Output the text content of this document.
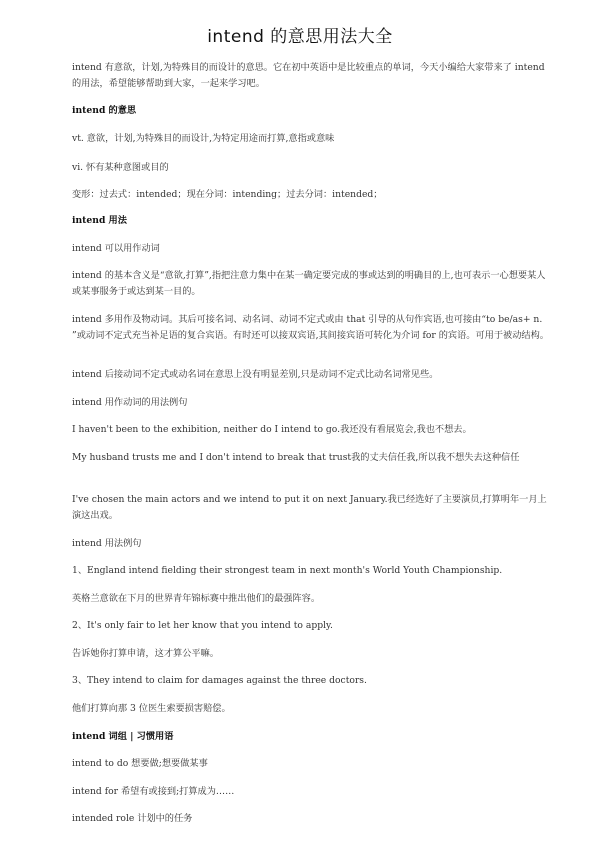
intend 的意思用法大全

intend 有意欲，计划,为特殊目的而设计的意思。它在初中英语中是比较重点的单词，今天小编给大家带来了 intend 的用法，希望能够帮助到大家，一起来学习吧。

intend 的意思

vt. 意欲，计划,为特殊目的而设计,为特定用途而打算,意指或意味

vi. 怀有某种意图或目的

变形：过去式：intended；现在分词：intending；过去分词：intended；

intend 用法

intend 可以用作动词

intend 的基本含义是“意欲,打算”,指把注意力集中在某一确定要完成的事或达到的明确目的上,也可表示一心想要某人或某事服务于或达到某一目的。

intend 多用作及物动词。其后可接名词、动名词、动词不定式或由 that 引导的从句作宾语,也可接由“to be/as+ n. ”或动词不定式充当补足语的复合宾语。有时还可以接双宾语,其间接宾语可转化为介词 for 的宾语。可用于被动结构。

intend 后接动词不定式或动名词在意思上没有明显差别,只是动词不定式比动名词常见些。

intend 用作动词的用法例句

I haven't been to the exhibition, neither do I intend to go.我还没有看展览会,我也不想去。

My husband trusts me and I don't intend to break that trust我的丈夫信任我,所以我不想失去这种信任

I've chosen the main actors and we intend to put it on next January.我已经选好了主要演员,打算明年一月上演这出戏。

intend 用法例句

1、England intend fielding their strongest team in next month's World Youth Championship.

英格兰意欲在下月的世界青年锦标赛中推出他们的最强阵容。

2、It's only fair to let her know that you intend to apply.

告诉她你打算申请，这才算公平嘛。

3、They intend to claim for damages against the three doctors.

他们打算向那 3 位医生索要损害赔偿。

intend 词组 | 习惯用语

intend to do 想要做;想要做某事

intend for 希望有或接到;打算成为……

intended role 计划中的任务
